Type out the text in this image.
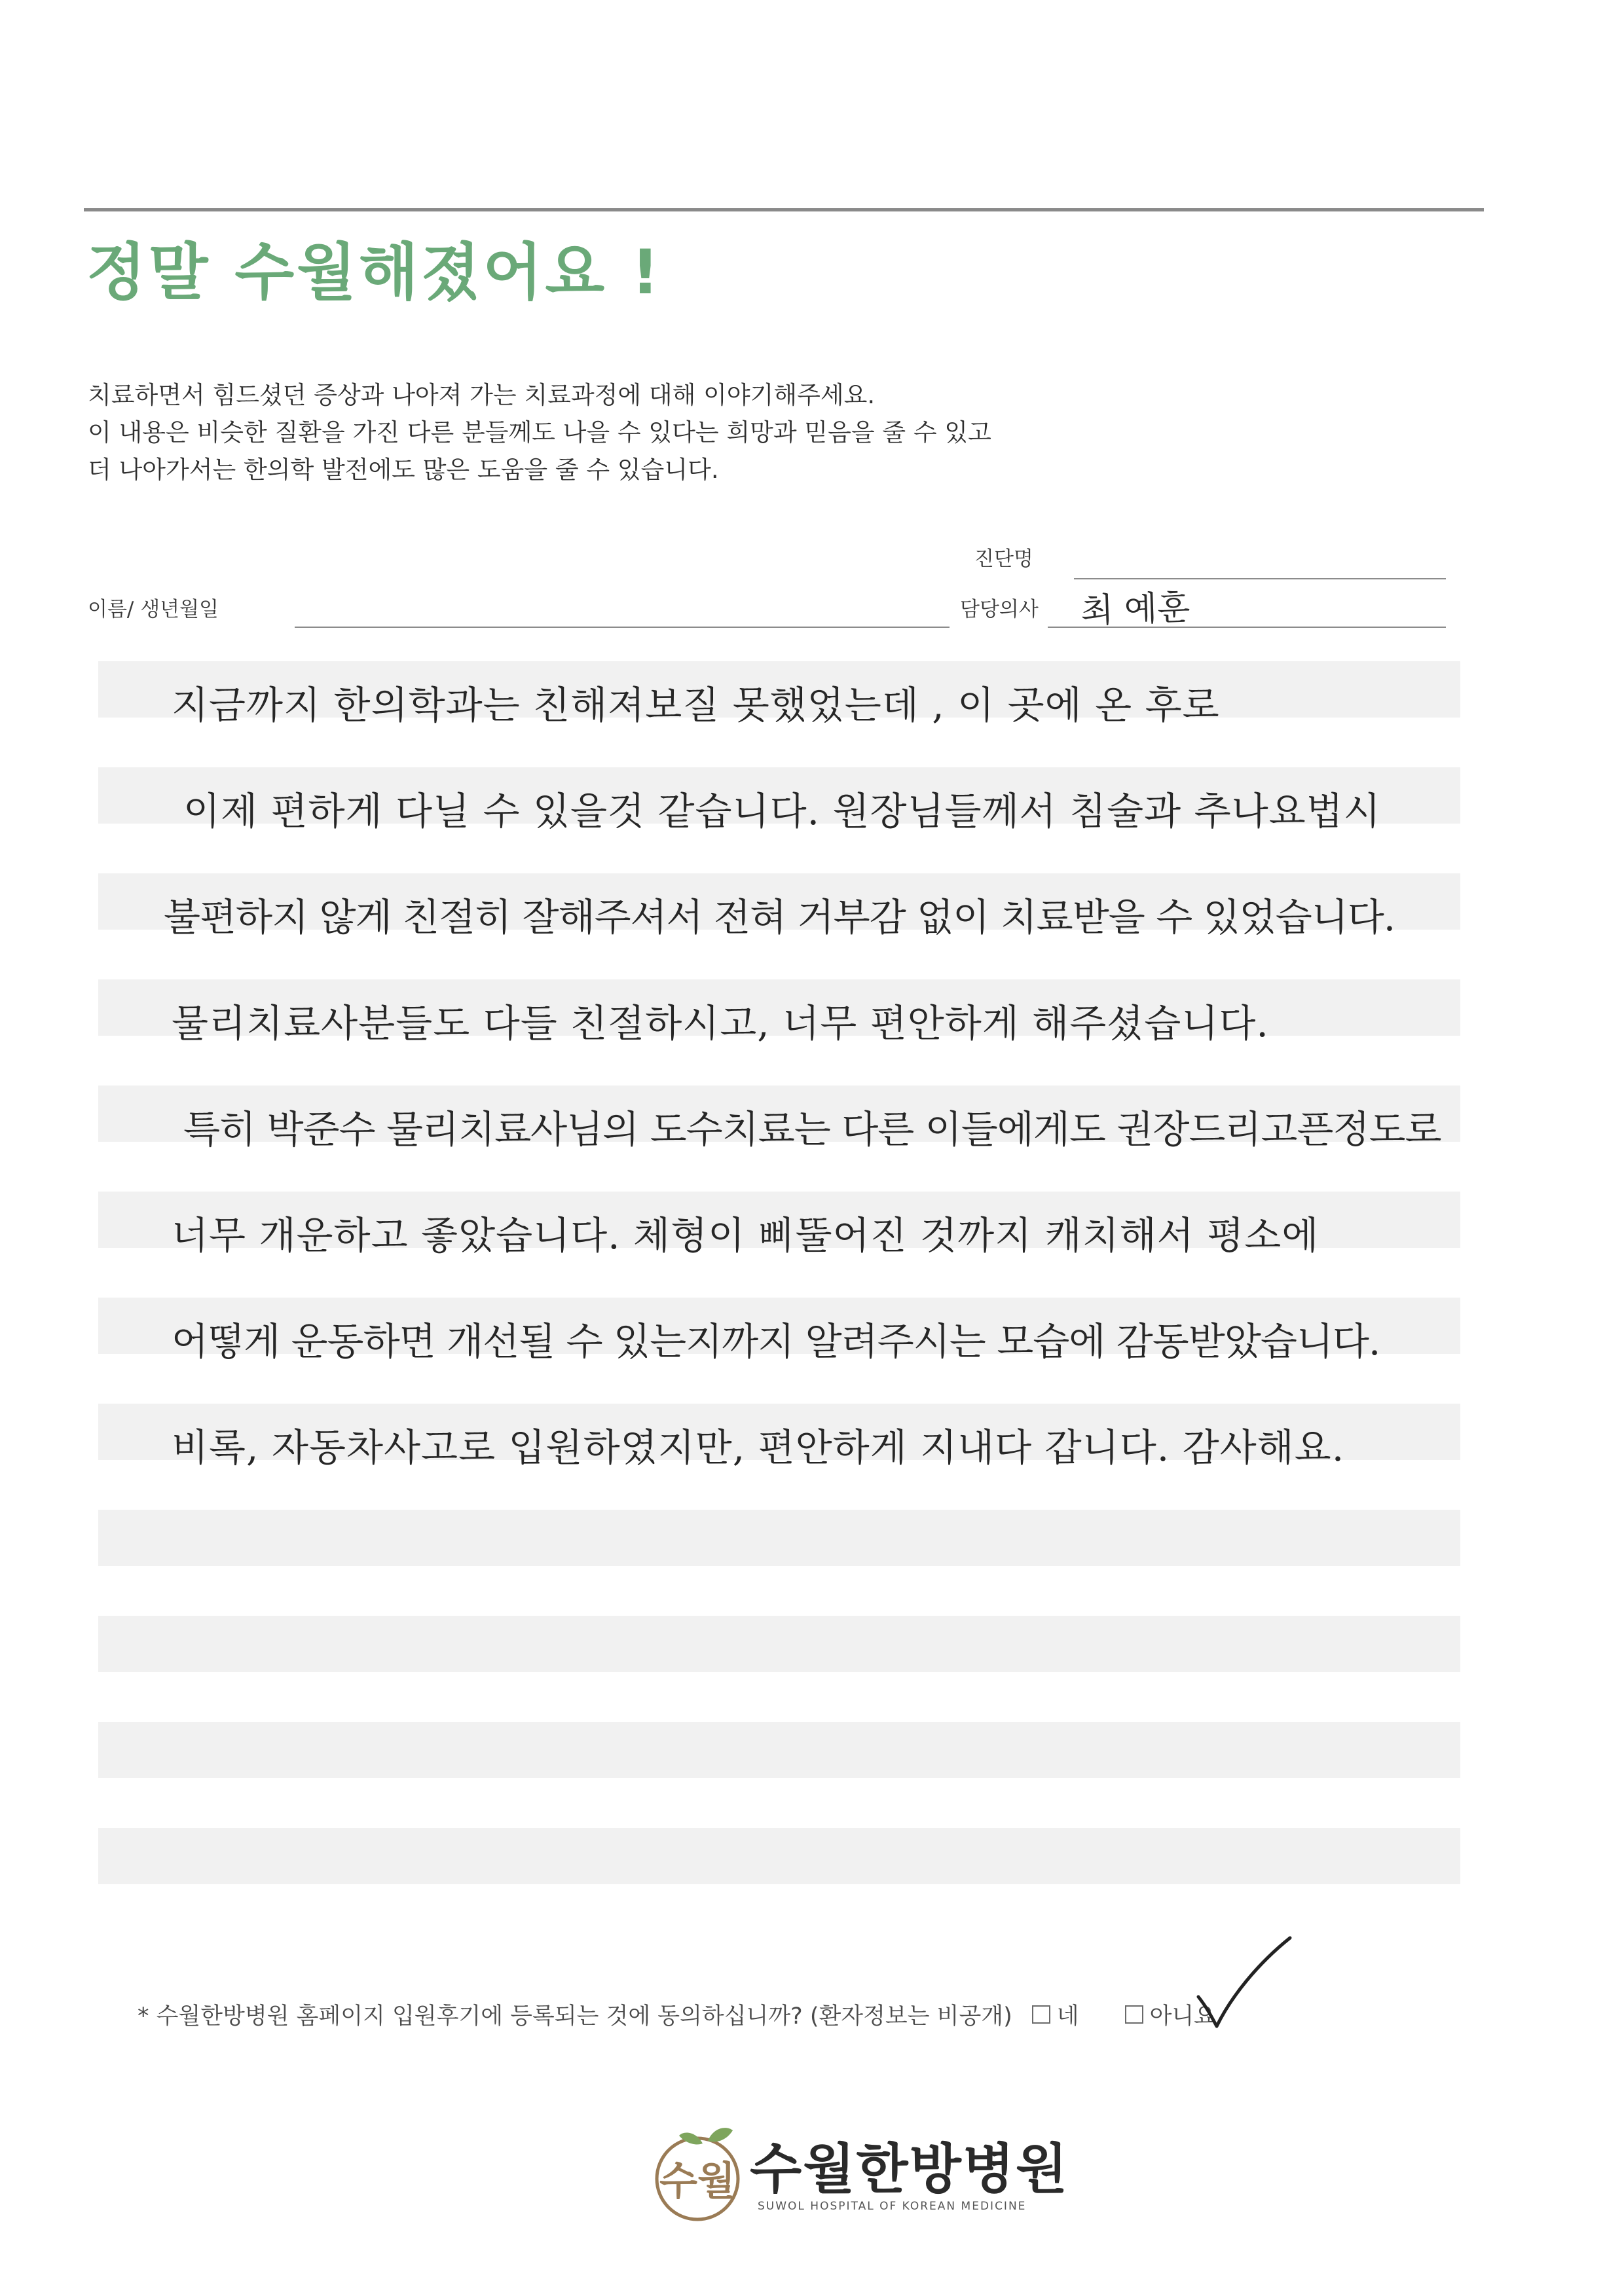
정말 수월해졌어요 !
치료하면서 힘드셨던 증상과 나아져 가는 치료과정에 대해 이야기해주세요.
이 내용은 비슷한 질환을 가진 다른 분들께도 나을 수 있다는 희망과 믿음을 줄 수 있고
더 나아가서는 한의학 발전에도 많은 도움을 줄 수 있습니다.
진단명
이름/ 생년월일	담당의사 최 예훈
지금까지 한의학과는 친해져보질 못했었는데 , 이 곳에 온 후로
이제 편하게 다닐 수 있을것 같습니다. 원장님들께서 침술과 추나요법시
불편하지 않게 친절히 잘해주셔서 전혀 거부감 없이 치료받을 수 있었습니다.
물리치료사분들도 다들 친절하시고, 너무 편안하게 해주셨습니다.
특히 박준수 물리치료사님의 도수치료는 다른 이들에게도 권장드리고픈정도로
너무 개운하고 좋았습니다. 체형이 삐뚤어진 것까지 캐치해서 평소에
어떻게 운동하면 개선될 수 있는지까지 알려주시는 모습에 감동받았습니다.
비록, 자동차사고로 입원하였지만, 편안하게 지내다 갑니다. 감사해요.
* 수월한방병원 홈페이지 입원후기에 등록되는 것에 동의하십니까? (환자정보는 비공개) 네	아니요
수월 수월한방병원
SUWOL HOSPITAL OF KOREAN MEDICINE
